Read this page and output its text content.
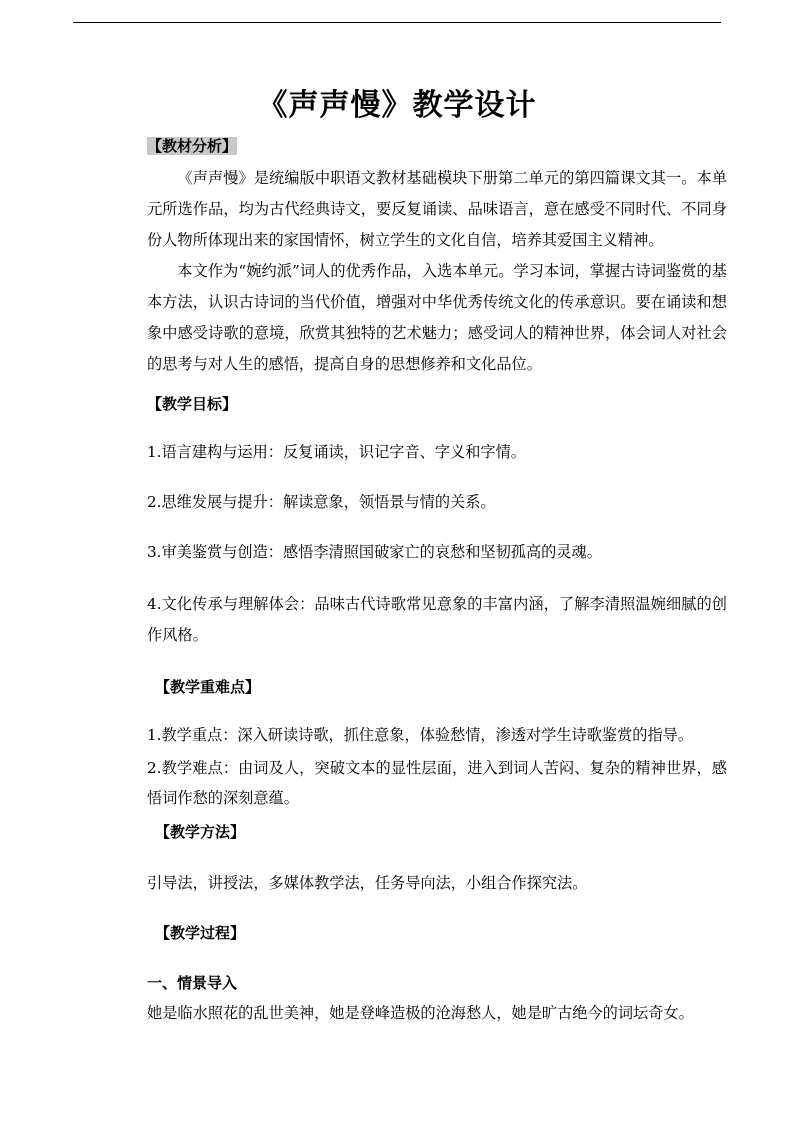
《声声慢》教学设计
【教材分析】
《声声慢》是统编版中职语文教材基础模块下册第二单元的第四篇课文其一。本单元所选作品，均为古代经典诗文，要反复诵读、品味语言，意在感受不同时代、不同身份人物所体现出来的家国情怀，树立学生的文化自信，培养其爱国主义精神。
本文作为“婉约派”词人的优秀作品，入选本单元。学习本词，掌握古诗词鉴赏的基本方法，认识古诗词的当代价值，增强对中华优秀传统文化的传承意识。要在诵读和想象中感受诗歌的意境，欣赏其独特的艺术魅力；感受词人的精神世界，体会词人对社会的思考与对人生的感悟，提高自身的思想修养和文化品位。
【教学目标】
1.语言建构与运用：反复诵读，识记字音、字义和字情。
2.思维发展与提升：解读意象，领悟景与情的关系。
3.审美鉴赏与创造：感悟李清照国破家亡的哀愁和坚韧孤高的灵魂。
4.文化传承与理解体会：品味古代诗歌常见意象的丰富内涵，了解李清照温婉细腻的创作风格。
【教学重难点】
1.教学重点：深入研读诗歌，抓住意象，体验愁情，渗透对学生诗歌鉴赏的指导。
2.教学难点：由词及人，突破文本的显性层面，进入到词人苦闷、复杂的精神世界，感悟词作愁的深刻意蕴。
【教学方法】
引导法，讲授法，多媒体教学法，任务导向法，小组合作探究法。
【教学过程】
一、情景导入
她是临水照花的乱世美神，她是登峰造极的沧海愁人，她是旷古绝今的词坛奇女。
